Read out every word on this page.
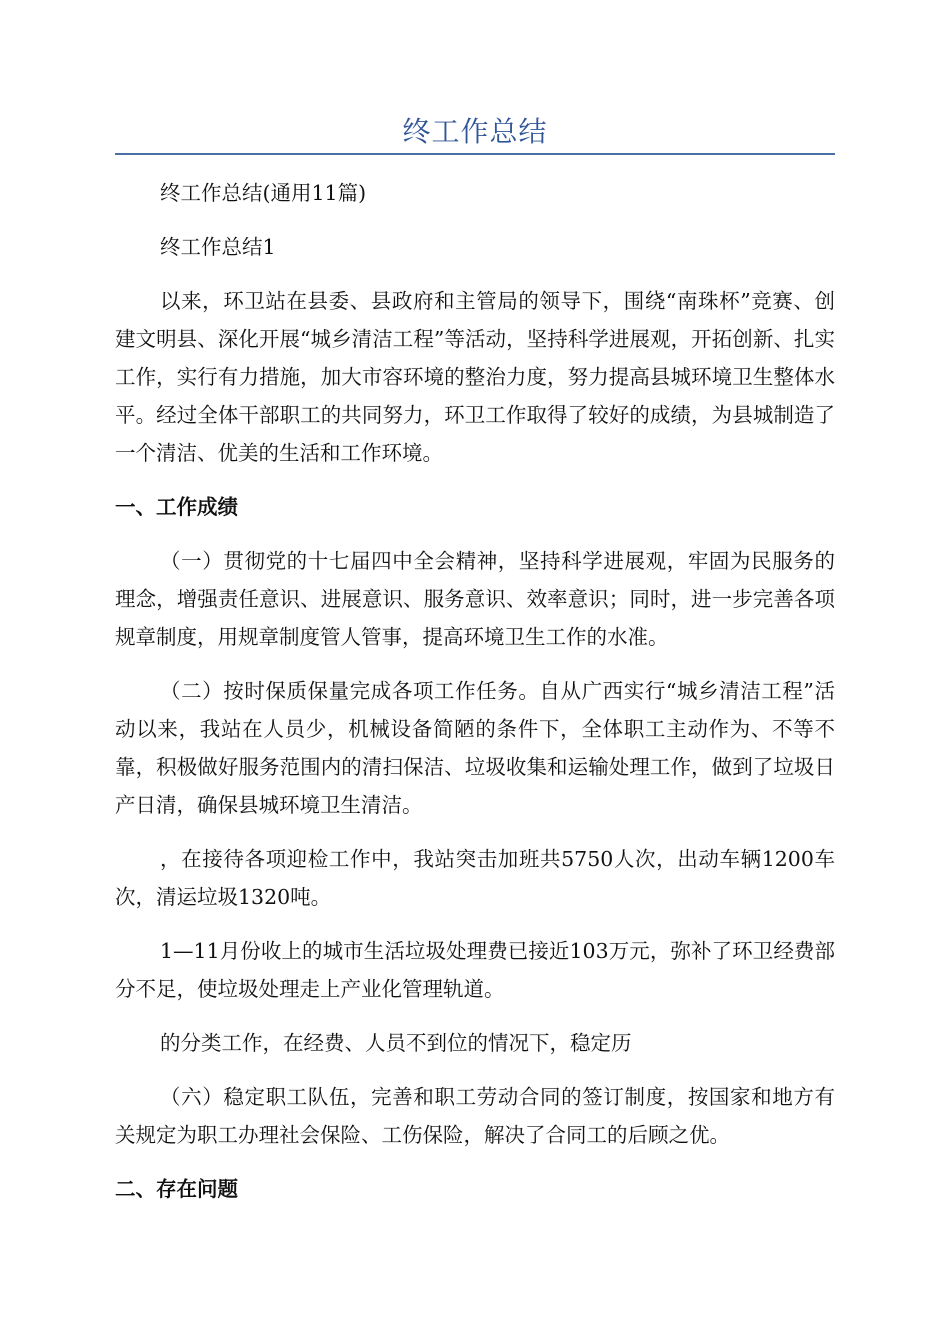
终工作总结

终工作总结(通用11篇)

终工作总结1

以来，环卫站在县委、县政府和主管局的领导下，围绕“南珠杯”竞赛、创建文明县、深化开展“城乡清洁工程”等活动，坚持科学进展观，开拓创新、扎实工作，实行有力措施，加大市容环境的整治力度，努力提高县城环境卫生整体水平。经过全体干部职工的共同努力，环卫工作取得了较好的成绩，为县城制造了一个清洁、优美的生活和工作环境。

一、工作成绩

（一）贯彻党的十七届四中全会精神，坚持科学进展观，牢固为民服务的理念，增强责任意识、进展意识、服务意识、效率意识；同时，进一步完善各项规章制度，用规章制度管人管事，提高环境卫生工作的水准。

（二）按时保质保量完成各项工作任务。自从广西实行“城乡清洁工程”活动以来，我站在人员少，机械设备简陋的条件下，全体职工主动作为、不等不靠，积极做好服务范围内的清扫保洁、垃圾收集和运输处理工作，做到了垃圾日产日清，确保县城环境卫生清洁。

，在接待各项迎检工作中，我站突击加班共5750人次，出动车辆1200车次，清运垃圾1320吨。

1—11月份收上的城市生活垃圾处理费已接近103万元，弥补了环卫经费部分不足，使垃圾处理走上产业化管理轨道。

的分类工作，在经费、人员不到位的情况下，稳定历

（六）稳定职工队伍，完善和职工劳动合同的签订制度，按国家和地方有关规定为职工办理社会保险、工伤保险，解决了合同工的后顾之优。

二、存在问题
